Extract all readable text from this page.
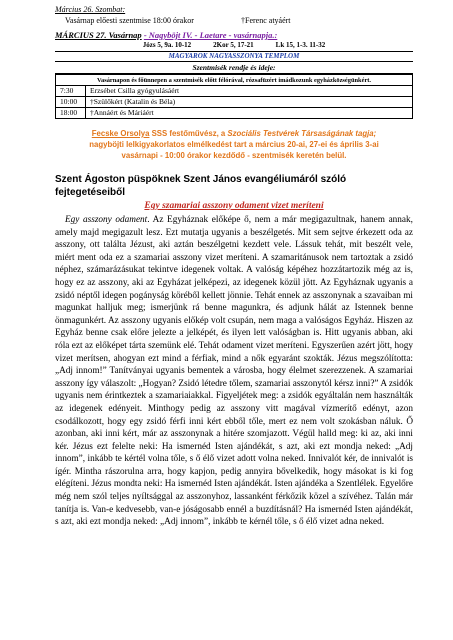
Március 26. Szombat:
Vasárnap előesti szentmise 18:00 órakor	†Ferenc atyáért
MÁRCIUS 27. Vasárnap - Nagyböjt IV. - Laetare - vasárnapja.:
Józs 5, 9a. 10-12	2Kor 5, 17-21	Lk 15, 1-3. 11-32
MAGYAROK NAGYASSZONYA TEMPLOM
Szentmisék rendje és ideje:
Vasárnapon és főünnepen a szentmisék előtt félórával, rózsafüzért imádkozunk egyházközségünkért.	
7:30	Erzsébet Csilla gyógyulásáért
10:00	†Szülőkért (Katalin és Béla)
18:00	†Annáért és Máriáért
Fecske Orsolya SSS festőművész, a Szociális Testvérek Társaságának tagja;
nagyböjti lelkigyakorlatos elmélkedést tart a március 20-ai, 27-ei és április 3-ai
vasárnapi - 10:00 órakor kezdődő - szentmisék keretén belül.
Szent Ágoston püspöknek Szent János evangéliumáról szóló
fejtegetéseiből
Egy szamariai asszony odament vizet meríteni

Egy asszony odament. Az Egyháznak előképe ő, nem a már megigazultnak, hanem annak, amely majd megigazult lesz. Ezt mutatja ugyanis a beszélgetés. Mit sem sejtve érkezett oda az asszony, ott találta Jézust, aki aztán beszélgetni kezdett vele. Lássuk tehát, mit beszélt vele, miért ment oda ez a szamariai asszony vizet meríteni. A szamaritánusok nem tartoztak a zsidó néphez, számarázásukat tekintve idegenek voltak. A valóság képéhez hozzátartozik még az is, hogy ez az asszony, aki az Egyházat jelképezi, az idegenek közül jött. Az Egyháznak ugyanis a zsidó néptől idegen pogányság köréből kellett jönnie. Tehát ennek az asszonynak a szavaiban mi magunkat halljuk meg; ismerjünk rá benne magunkra, és adjunk hálát az Istennek benne önmagunkért. Az asszony ugyanis előkép volt csupán, nem maga a valóságos Egyház. Hiszen az Egyház benne csak előre jelezte a jelképét, és ilyen lett valóságban is. Hitt ugyanis abban, aki róla ezt az előképet tárta szemünk elé. Tehát odament vizet meríteni. Egyszerűen azért jött, hogy vizet merítsen, ahogyan ezt mind a férfiak, mind a nők egyaránt szokták. Jézus megszólította: „Adj innom!” Tanítványai ugyanis bementek a városba, hogy élelmet szerezzenek. A szamariai asszony így válaszolt: „Hogyan? Zsidó létedre tőlem, szamariai asszonytól kérsz inni?” A zsidók ugyanis nem érintkeztek a szamariaiakkal. Figyeljétek meg: a zsidók egyáltalán nem használták az idegenek edényeit. Minthogy pedig az asszony vitt magával vízmerítő edényt, azon csodálkozott, hogy egy zsidó férfi inni kért ebből tőle, mert ez nem volt szokásban náluk. Ő azonban, aki inni kért, már az asszonynak a hitére szomjazott. Végül halld meg: ki az, aki inni kér. Jézus ezt felelte neki: Ha ismernéd Isten ajándékát, s azt, aki ezt mondja neked: „Adj innom”, inkább te kértél volna tőle, s ő élő vizet adott volna neked. Innivalót kér, de innivalót is ígér. Mintha rászorulna arra, hogy kapjon, pedig annyira bővelkedik, hogy másokat is ki fog elégíteni. Jézus mondta neki: Ha ismernéd Isten ajándékát. Isten ajándéka a Szentlélek. Egyelőre még nem szól teljes nyíltsággal az asszonyhoz, lassanként férkőzik közel a szívéhez. Talán már tanítja is. Van-e kedvesebb, van-e jóságosabb ennél a buzdításnál? Ha ismernéd Isten ajándékát, s azt, aki ezt mondja neked: „Adj innom”, inkább te kérnél tőle, s ő élő vizet adna neked.
